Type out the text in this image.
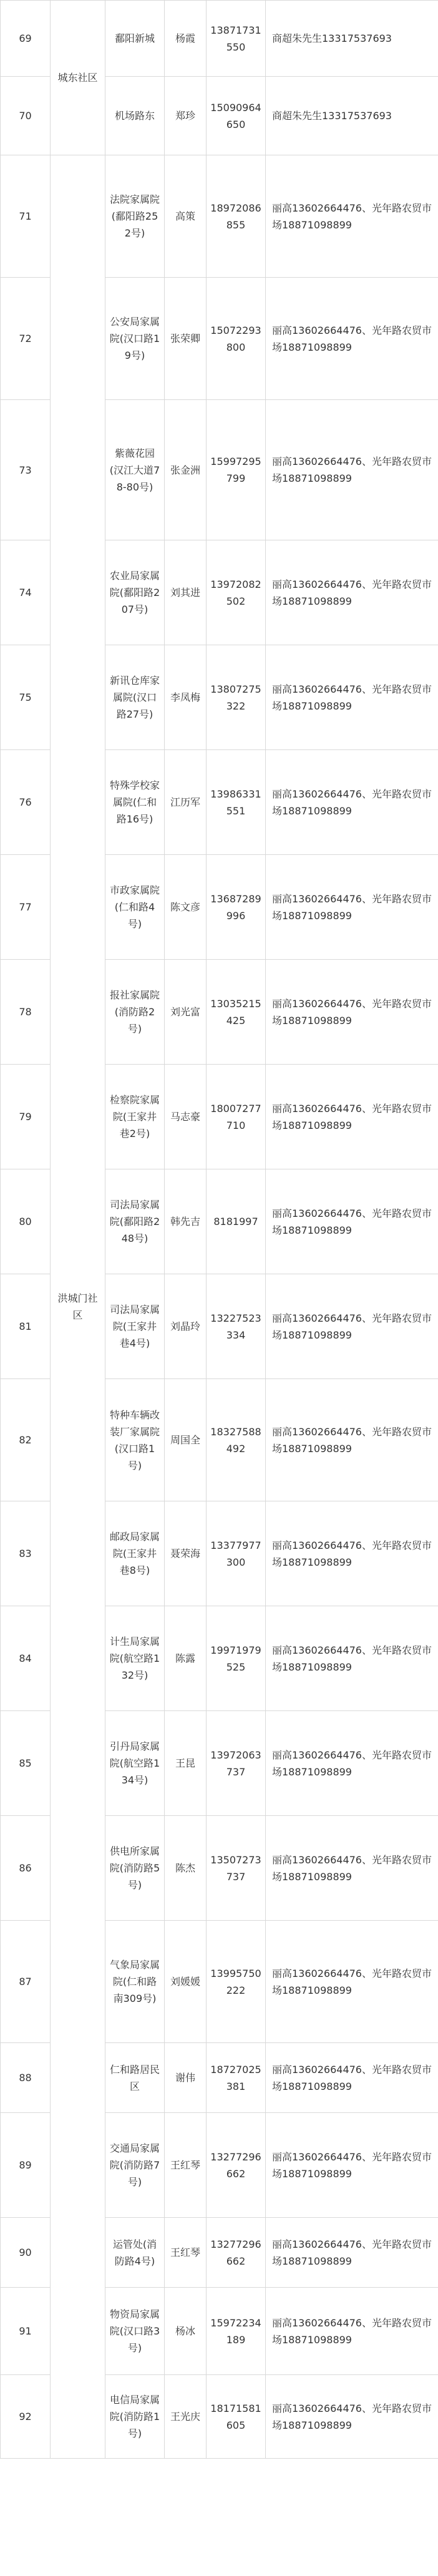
69	城东社区	鄱阳新城	杨霞	13871731550	商超朱先生13317537693
70		机场路东	郑珍	15090964650	商超朱先生13317537693
71	洪城门社区	法院家属院(鄱阳路252号)	高策	18972086855	丽高13602664476、光年路农贸市场18871098899
72		公安局家属院(汉口路19号)	张荣卿	15072293800	丽高13602664476、光年路农贸市场18871098899
73		紫薇花园(汉江大道78-80号)	张金洲	15997295799	丽高13602664476、光年路农贸市场18871098899
74		农业局家属院(鄱阳路207号)	刘其进	13972082502	丽高13602664476、光年路农贸市场18871098899
75		新讯仓库家属院(汉口路27号)	李凤梅	13807275322	丽高13602664476、光年路农贸市场18871098899
76		特殊学校家属院(仁和路16号)	江历军	13986331551	丽高13602664476、光年路农贸市场18871098899
77		市政家属院(仁和路4号)	陈文彦	13687289996	丽高13602664476、光年路农贸市场18871098899
78		报社家属院(消防路2号)	刘光富	13035215425	丽高13602664476、光年路农贸市场18871098899
79		检察院家属院(王家井巷2号)	马志豪	18007277710	丽高13602664476、光年路农贸市场18871098899
80		司法局家属院(鄱阳路248号)	韩先吉	8181997	丽高13602664476、光年路农贸市场18871098899
81		司法局家属院(王家井巷4号)	刘晶玲	13227523334	丽高13602664476、光年路农贸市场18871098899
82		特种车辆改装厂家属院(汉口路1号)	周国全	18327588492	丽高13602664476、光年路农贸市场18871098899
83		邮政局家属院(王家井巷8号)	聂荣海	13377977300	丽高13602664476、光年路农贸市场18871098899
84		计生局家属院(航空路132号)	陈露	19971979525	丽高13602664476、光年路农贸市场18871098899
85		引丹局家属院(航空路134号)	王昆	13972063737	丽高13602664476、光年路农贸市场18871098899
86		供电所家属院(消防路5号)	陈杰	13507273737	丽高13602664476、光年路农贸市场18871098899
87		气象局家属院(仁和路南309号)	刘媛媛	13995750222	丽高13602664476、光年路农贸市场18871098899
88		仁和路居民区	谢伟	18727025381	丽高13602664476、光年路农贸市场18871098899
89		交通局家属院(消防路7号)	王红琴	13277296662	丽高13602664476、光年路农贸市场18871098899
90		运管处(消防路4号)	王红琴	13277296662	丽高13602664476、光年路农贸市场18871098899
91		物资局家属院(汉口路3号)	杨冰	15972234189	丽高13602664476、光年路农贸市场18871098899
92		电信局家属院(消防路1号)	王光庆	18171581605	丽高13602664476、光年路农贸市场18871098899
